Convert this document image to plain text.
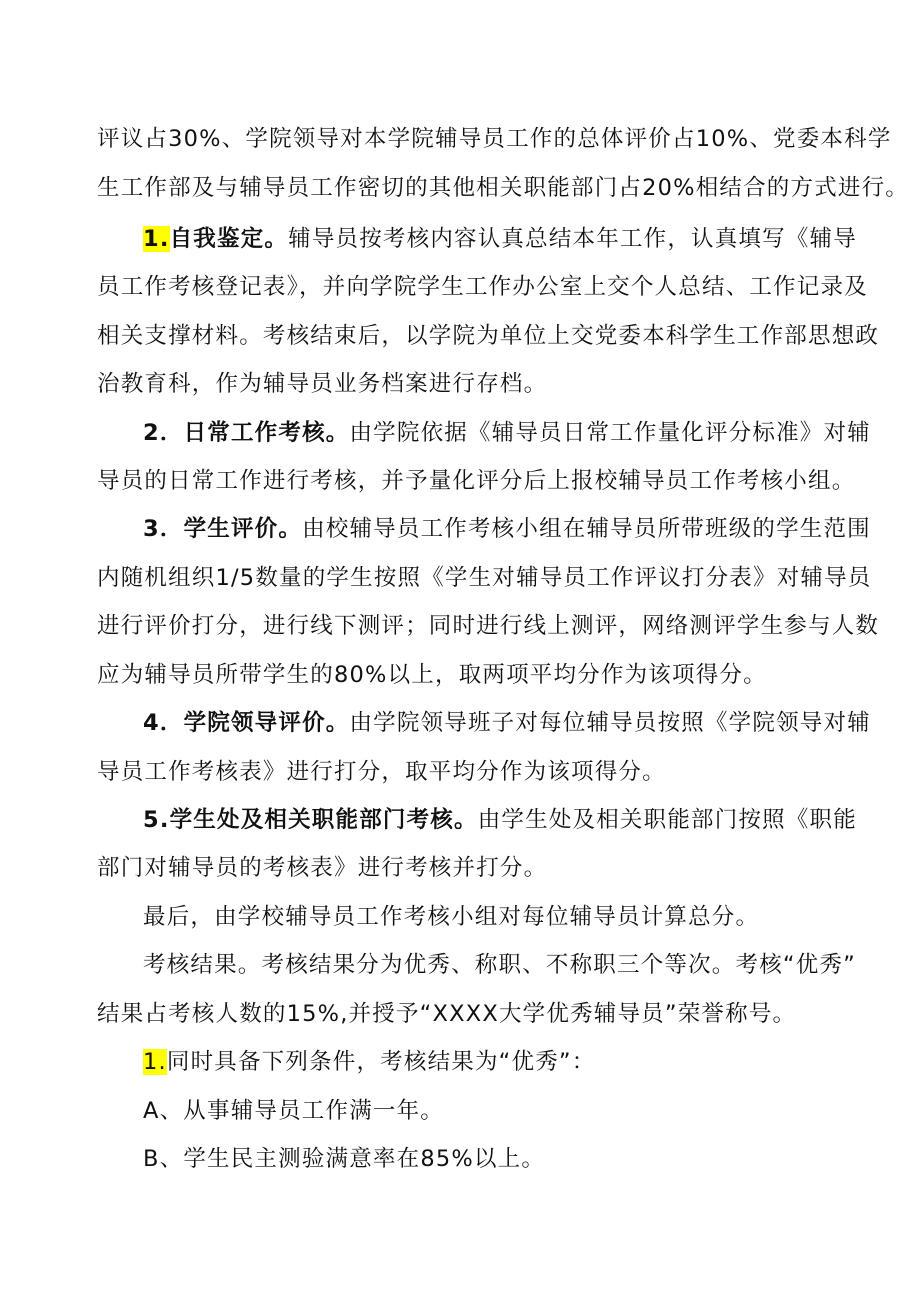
评议占30%、学院领导对本学院辅导员工作的总体评价占10%、党委本科学
生工作部及与辅导员工作密切的其他相关职能部门占20%相结合的方式进行。
1.自我鉴定。辅导员按考核内容认真总结本年工作，认真填写《辅导
员工作考核登记表》，并向学院学生工作办公室上交个人总结、工作记录及
相关支撑材料。考核结束后，以学院为单位上交党委本科学生工作部思想政
治教育科，作为辅导员业务档案进行存档。
2．日常工作考核。由学院依据《辅导员日常工作量化评分标准》对辅
导员的日常工作进行考核，并予量化评分后上报校辅导员工作考核小组。
3．学生评价。由校辅导员工作考核小组在辅导员所带班级的学生范围
内随机组织1/5数量的学生按照《学生对辅导员工作评议打分表》对辅导员
进行评价打分，进行线下测评；同时进行线上测评，网络测评学生参与人数
应为辅导员所带学生的80%以上，取两项平均分作为该项得分。
4．学院领导评价。由学院领导班子对每位辅导员按照《学院领导对辅
导员工作考核表》进行打分，取平均分作为该项得分。
5.学生处及相关职能部门考核。由学生处及相关职能部门按照《职能
部门对辅导员的考核表》进行考核并打分。
最后，由学校辅导员工作考核小组对每位辅导员计算总分。
考核结果。考核结果分为优秀、称职、不称职三个等次。考核“优秀”
结果占考核人数的15%,并授予“XXXX大学优秀辅导员”荣誉称号。
1.同时具备下列条件，考核结果为“优秀”：
A、从事辅导员工作满一年。
B、学生民主测验满意率在85%以上。
